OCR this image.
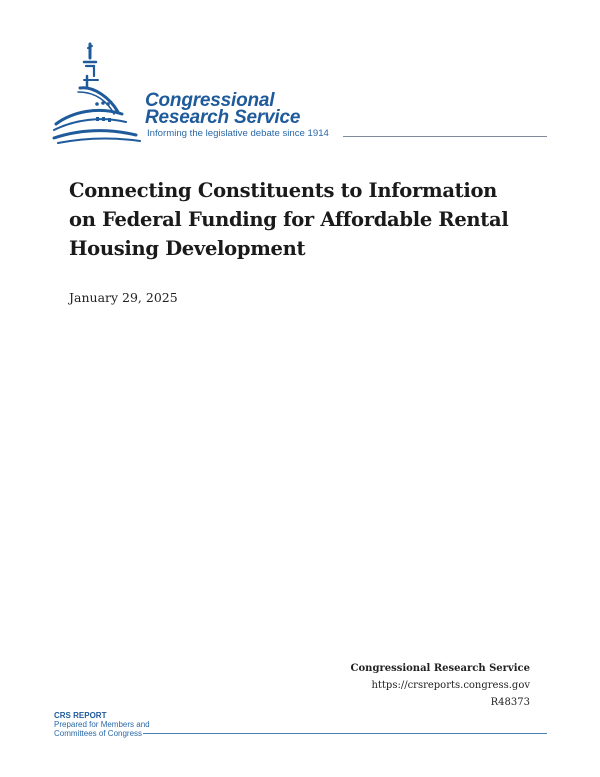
Congressional
Research Service
Informing the legislative debate since 1914
Connecting Constituents to Information on Federal Funding for Affordable Rental Housing Development
January 29, 2025
Congressional Research Service
https://crsreports.congress.gov
R48373
CRS REPORT
Prepared for Members and
Committees of Congress
